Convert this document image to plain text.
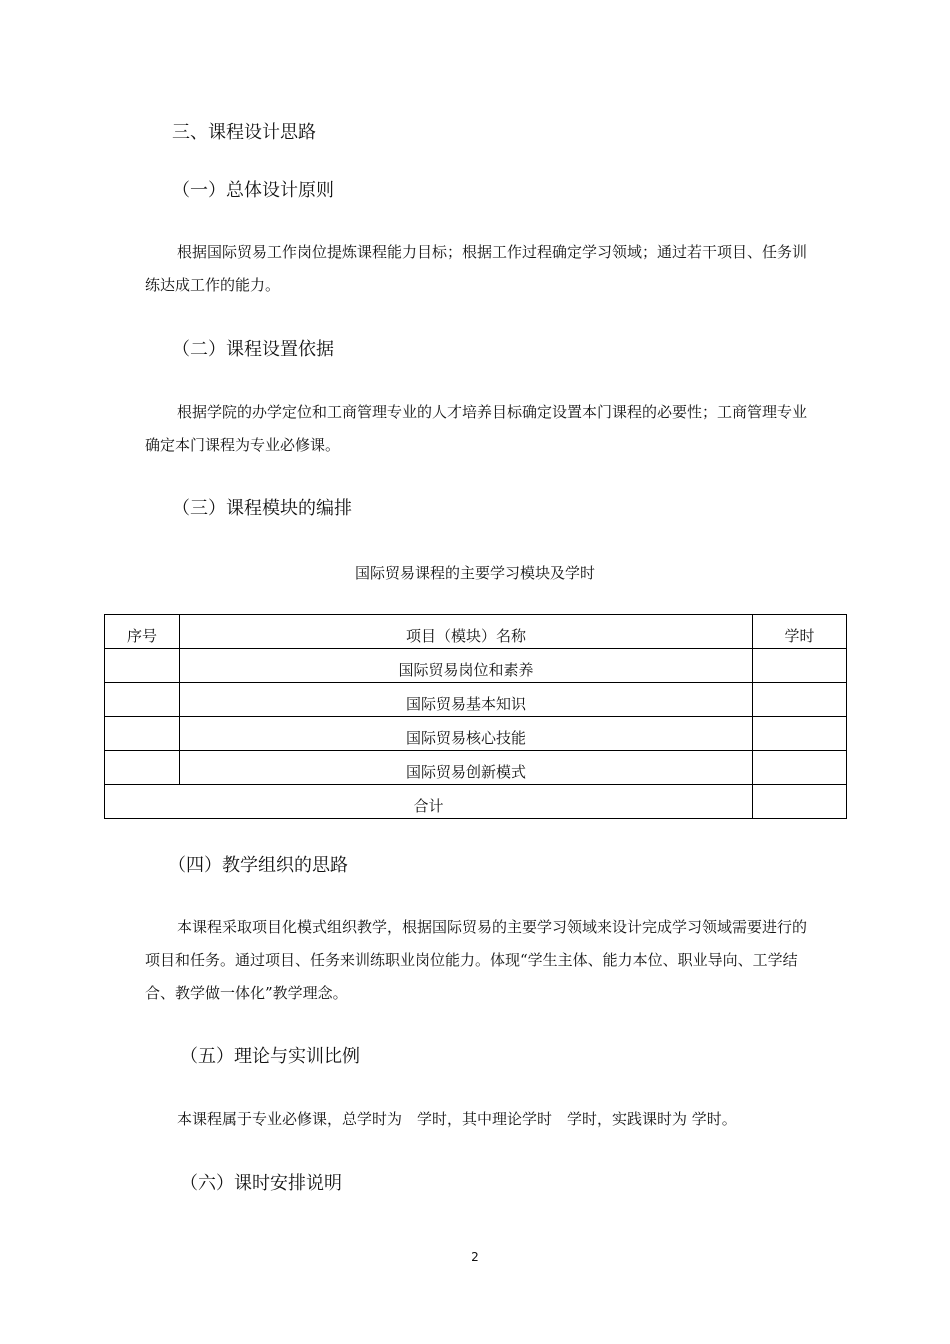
三、课程设计思路
（一）总体设计原则
根据国际贸易工作岗位提炼课程能力目标；根据工作过程确定学习领域；通过若干项目、任务训练达成工作的能力。
（二）课程设置依据
根据学院的办学定位和工商管理专业的人才培养目标确定设置本门课程的必要性；工商管理专业确定本门课程为专业必修课。
（三）课程模块的编排
国际贸易课程的主要学习模块及学时
序号	项目（模块）名称	学时
	国际贸易岗位和素养	
	国际贸易基本知识	
	国际贸易核心技能	
	国际贸易创新模式	
合计		
（四）教学组织的思路
本课程采取项目化模式组织教学，根据国际贸易的主要学习领域来设计完成学习领域需要进行的项目和任务。通过项目、任务来训练职业岗位能力。体现“学生主体、能力本位、职业导向、工学结合、教学做一体化”教学理念。
（五）理论与实训比例
本课程属于专业必修课，总学时为　学时，其中理论学时　学时，实践课时为 学时。
（六）课时安排说明
2
